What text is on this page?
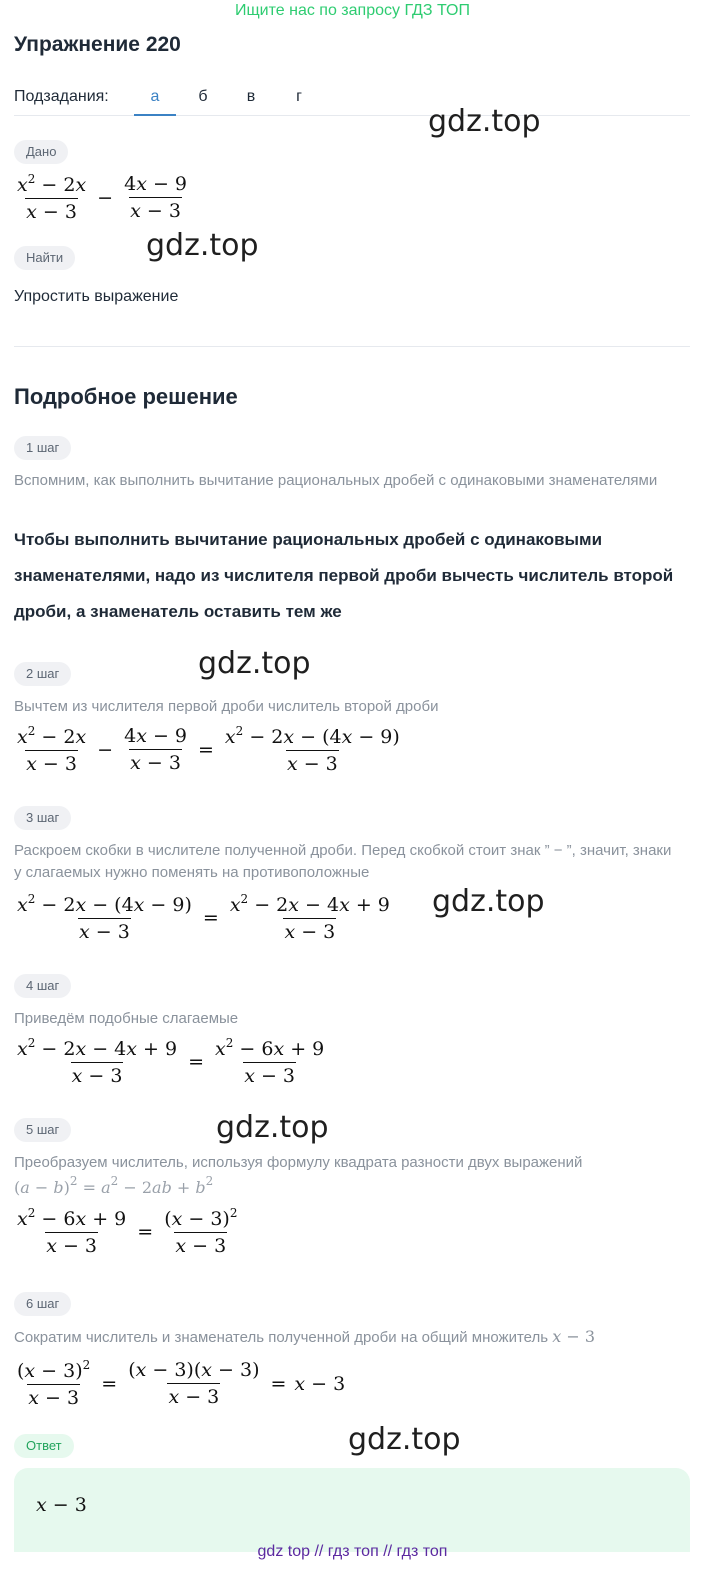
Ищите нас по запросу ГДЗ ТОП
Упражнение 220
Подзадания:	а	б	в	г
gdz.top
Дано
$\frac{x^2 - 2x}{x - 3} - \frac{4x - 9}{x - 3}$
gdz.top
Найти
Упростить выражение
Подробное решение
1 шаг
Вспомним, как выполнить вычитание рациональных дробей с одинаковыми знаменателями
Чтобы выполнить вычитание рациональных дробей с одинаковыми знаменателями, надо из числителя первой дроби вычесть числитель второй дроби, а знаменатель оставить тем же
gdz.top
2 шаг
Вычтем из числителя первой дроби числитель второй дроби
$\frac{x^2 - 2x}{x - 3} - \frac{4x - 9}{x - 3} = \frac{x^2 - 2x - (4x - 9)}{x - 3}$
3 шаг
Раскроем скобки в числителе полученной дроби. Перед скобкой стоит знак ” − ”, значит, знаки у слагаемых нужно поменять на противоположные
$\frac{x^2 - 2x - (4x - 9)}{x - 3} = \frac{x^2 - 2x - 4x + 9}{x - 3} gdz.top$
4 шаг
Приведём подобные слагаемые
$\frac{x^2 - 2x - 4x + 9}{x - 3} = \frac{x^2 - 6x + 9}{x - 3}$
gdz.top
5 шаг
Преобразуем числитель, используя формулу квадрата разности двух выражений
$(a - b)^2 = a^2 - 2ab + b^2$
$\frac{x^2 - 6x + 9}{x - 3} = \frac{(x - 3)^2}{x - 3}$
6 шаг
Сократим числитель и знаменатель полученной дроби на общий множитель x − 3
$\frac{(x - 3)^2}{x - 3} = \frac{(x - 3)(x - 3)}{x - 3} = x - 3$
Ответ	gdz.top
x − 3
gdz top // гдз топ // гдз топ
